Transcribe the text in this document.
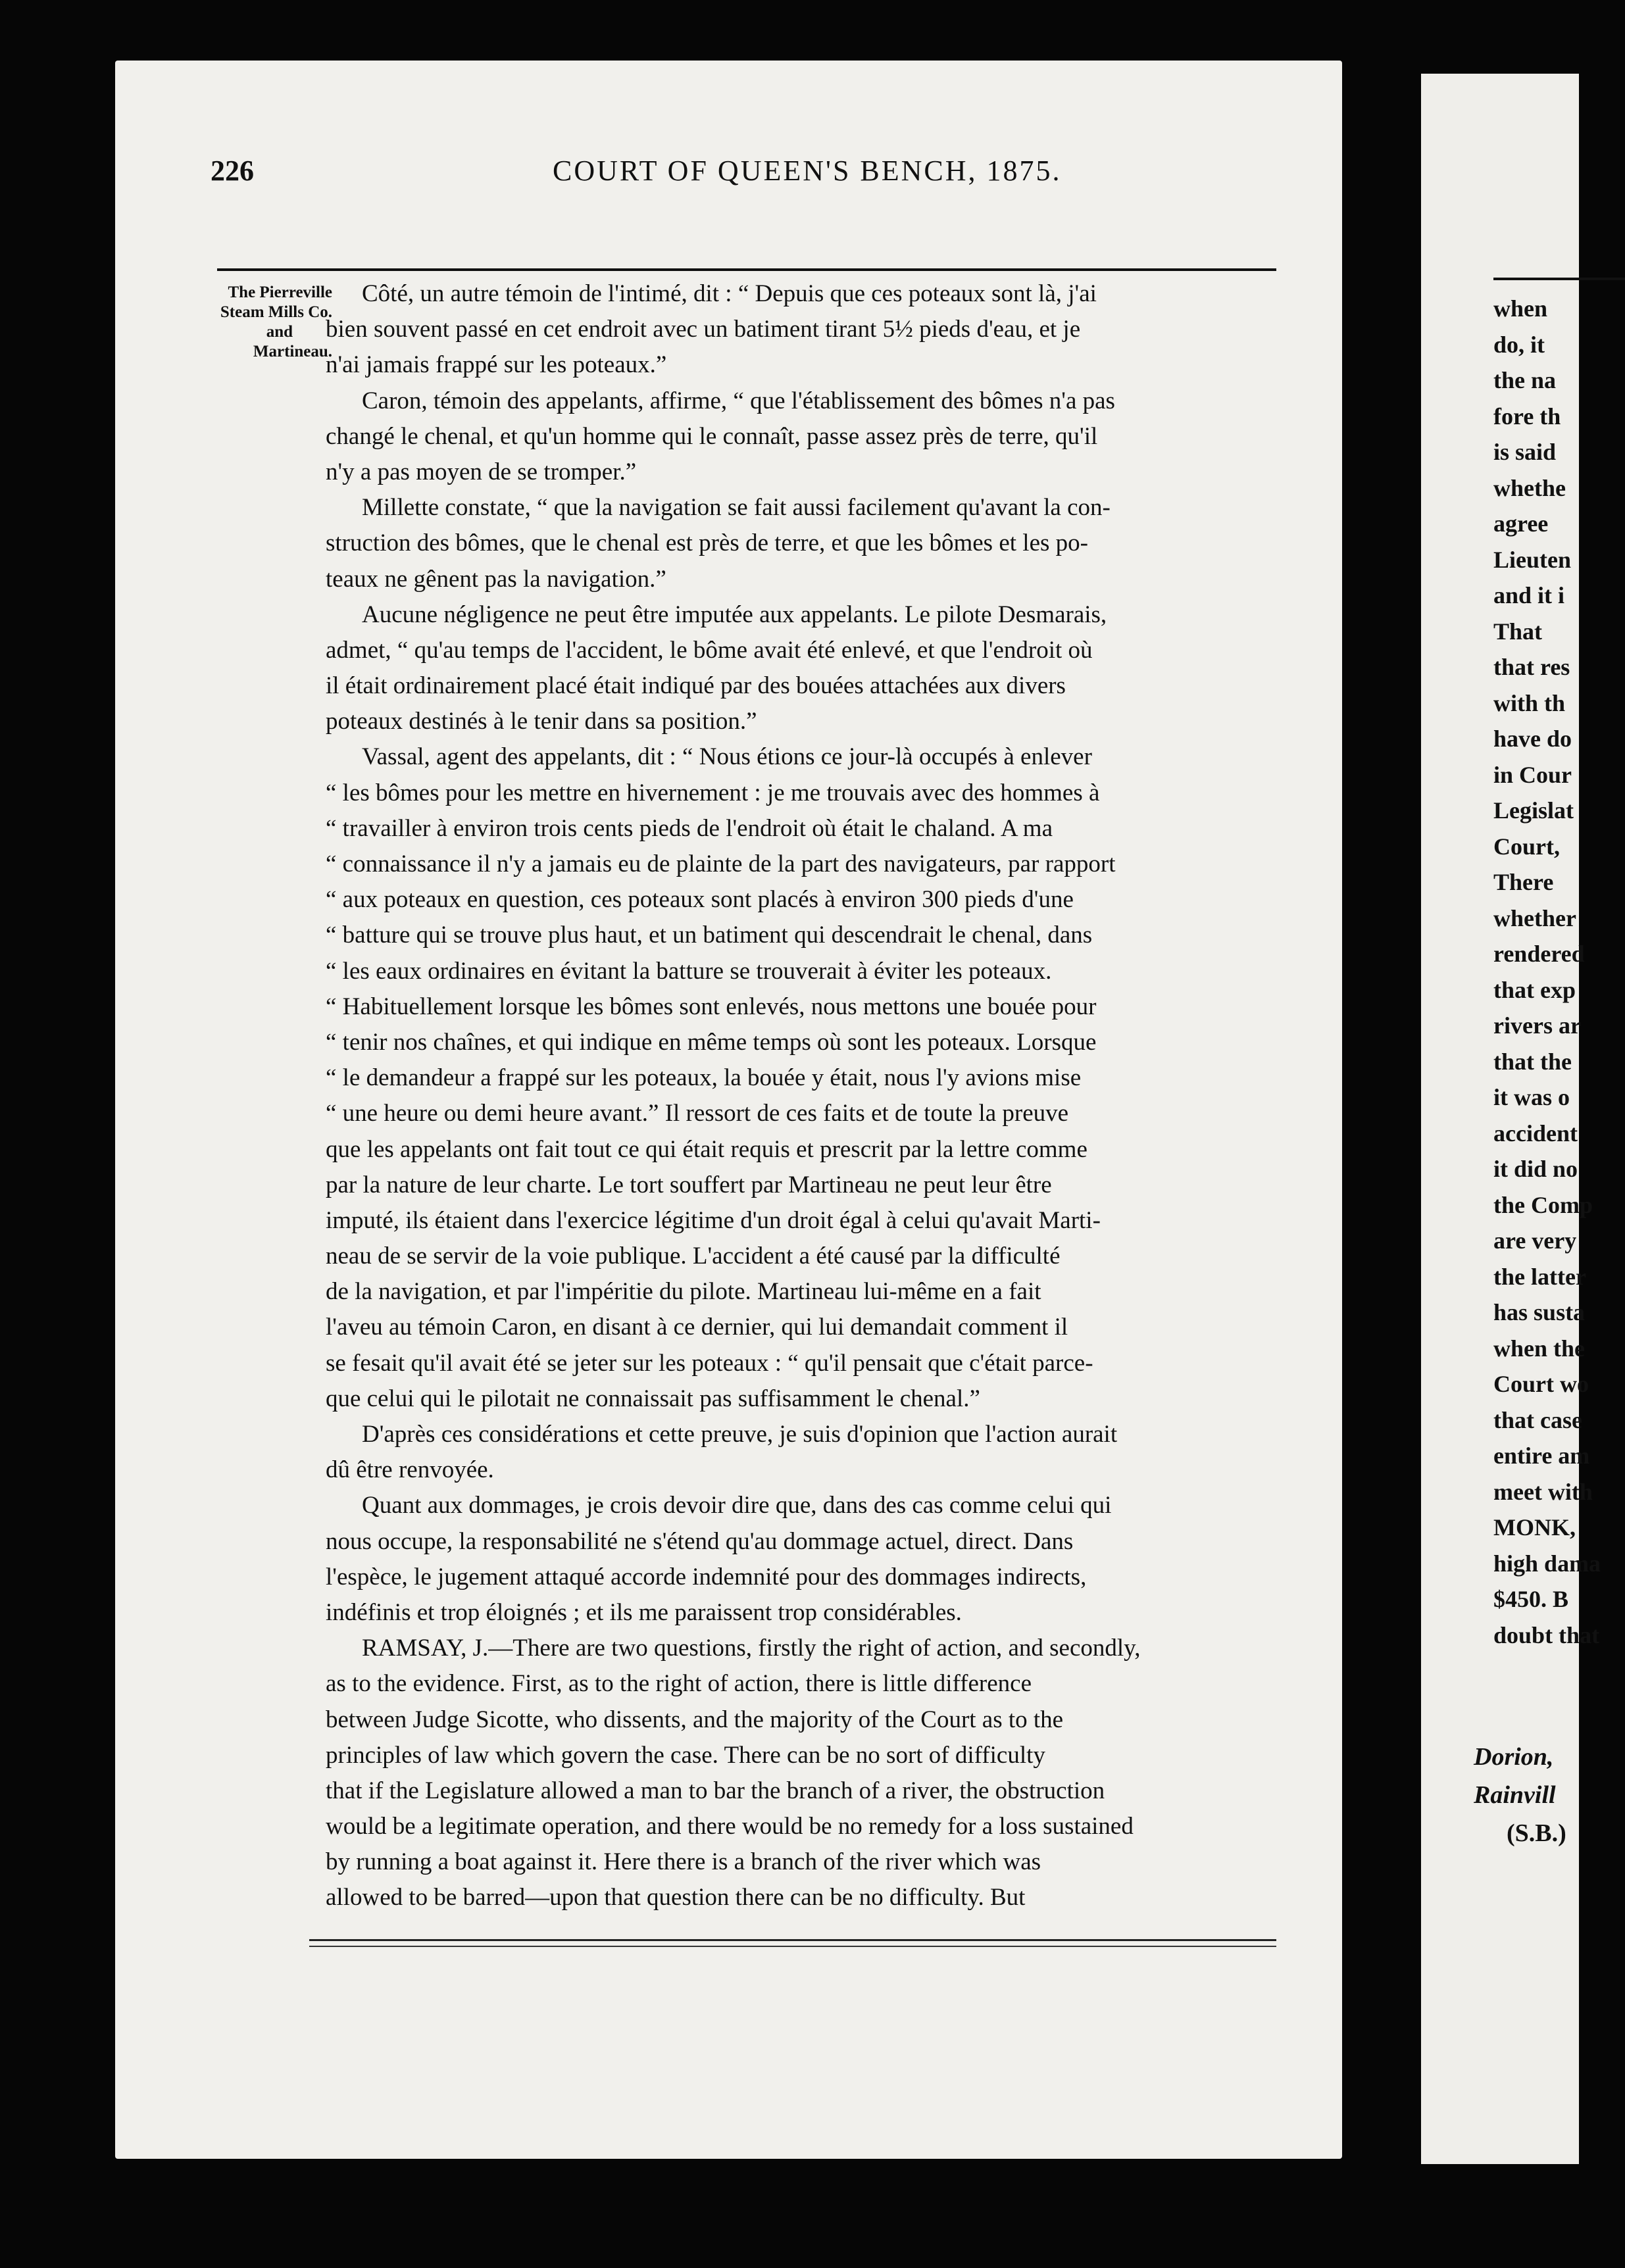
226	COURT OF QUEEN'S BENCH, 1875.
The Pierreville
Steam Mills Co.
and
Martineau.
Côté, un autre témoin de l'intimé, dit : “ Depuis que ces poteaux sont là, j'ai
bien souvent passé en cet endroit avec un batiment tirant 5½ pieds d'eau, et je
n'ai jamais frappé sur les poteaux.”
Caron, témoin des appelants, affirme, “ que l'établissement des bômes n'a pas
changé le chenal, et qu'un homme qui le connaît, passe assez près de terre, qu'il
n'y a pas moyen de se tromper.”
Millette constate, “ que la navigation se fait aussi facilement qu'avant la con-
struction des bômes, que le chenal est près de terre, et que les bômes et les po-
teaux ne gênent pas la navigation.”
Aucune négligence ne peut être imputée aux appelants. Le pilote Desmarais,
admet, “ qu'au temps de l'accident, le bôme avait été enlevé, et que l'endroit où
il était ordinairement placé était indiqué par des bouées attachées aux divers
poteaux destinés à le tenir dans sa position.”
Vassal, agent des appelants, dit : “ Nous étions ce jour-là occupés à enlever
“ les bômes pour les mettre en hivernement : je me trouvais avec des hommes à
“ travailler à environ trois cents pieds de l'endroit où était le chaland. A ma
“ connaissance il n'y a jamais eu de plainte de la part des navigateurs, par rapport
“ aux poteaux en question, ces poteaux sont placés à environ 300 pieds d'une
“ batture qui se trouve plus haut, et un batiment qui descendrait le chenal, dans
“ les eaux ordinaires en évitant la batture se trouverait à éviter les poteaux.
“ Habituellement lorsque les bômes sont enlevés, nous mettons une bouée pour
“ tenir nos chaînes, et qui indique en même temps où sont les poteaux. Lorsque
“ le demandeur a frappé sur les poteaux, la bouée y était, nous l'y avions mise
“ une heure ou demi heure avant.” Il ressort de ces faits et de toute la preuve
que les appelants ont fait tout ce qui était requis et prescrit par la lettre comme
par la nature de leur charte. Le tort souffert par Martineau ne peut leur être
imputé, ils étaient dans l'exercice légitime d'un droit égal à celui qu'avait Marti-
neau de se servir de la voie publique. L'accident a été causé par la difficulté
de la navigation, et par l'impéritie du pilote. Martineau lui-même en a fait
l'aveu au témoin Caron, en disant à ce dernier, qui lui demandait comment il
se fesait qu'il avait été se jeter sur les poteaux : “ qu'il pensait que c'était parce-
que celui qui le pilotait ne connaissait pas suffisamment le chenal.”
D'après ces considérations et cette preuve, je suis d'opinion que l'action aurait
dû être renvoyée.
Quant aux dommages, je crois devoir dire que, dans des cas comme celui qui
nous occupe, la responsabilité ne s'étend qu'au dommage actuel, direct. Dans
l'espèce, le jugement attaqué accorde indemnité pour des dommages indirects,
indéfinis et trop éloignés ; et ils me paraissent trop considérables.
RAMSAY, J.—There are two questions, firstly the right of action, and secondly,
as to the evidence. First, as to the right of action, there is little difference
between Judge Sicotte, who dissents, and the majority of the Court as to the
principles of law which govern the case. There can be no sort of difficulty
that if the Legislature allowed a man to bar the branch of a river, the obstruction
would be a legitimate operation, and there would be no remedy for a loss sustained
by running a boat against it. Here there is a branch of the river which was
allowed to be barred—upon that question there can be no difficulty. But
when
do, it
the na
fore th
is said
whethe
agree
Lieuten
and it i
That
that res
with th
have do
in Cour
Legislat
Court,
There
whether
rendered
that exp
rivers ar
that the
it was o
accident
it did no
the Comp
are very
the latter
has susta
when the
Court wo
that case
entire am
meet with
MONK,
high dama
$450. B
doubt that
Dorion,
Rainvill
(S.B.)
